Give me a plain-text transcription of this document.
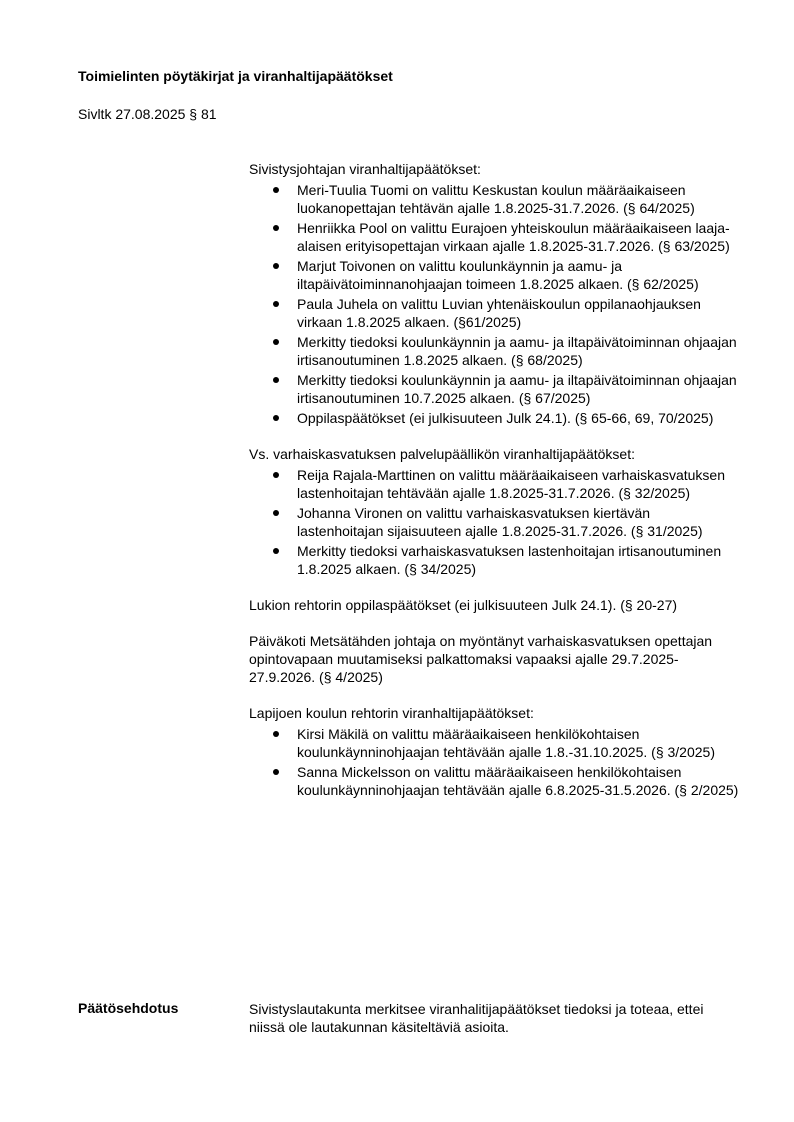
Toimielinten pöytäkirjat ja viranhaltijapäätökset
Sivltk 27.08.2025 § 81

Sivistysjohtajan viranhaltijapäätökset:

Meri-Tuulia Tuomi on valittu Keskustan koulun määräaikaiseen luokanopettajan tehtävän ajalle 1.8.2025-31.7.2026. (§ 64/2025)
Henriikka Pool on valittu Eurajoen yhteiskoulun määräaikaiseen laaja-alaisen erityisopettajan virkaan ajalle 1.8.2025-31.7.2026. (§ 63/2025)
Marjut Toivonen on valittu koulunkäynnin ja aamu- ja iltapäivätoiminnanohjaajan toimeen 1.8.2025 alkaen. (§ 62/2025)
Paula Juhela on valittu Luvian yhtenäiskoulun oppilanaohjauksen virkaan 1.8.2025 alkaen. (§61/2025)
Merkitty tiedoksi koulunkäynnin ja aamu- ja iltapäivätoiminnan ohjaajan irtisanoutuminen 1.8.2025 alkaen. (§ 68/2025)
Merkitty tiedoksi koulunkäynnin ja aamu- ja iltapäivätoiminnan ohjaajan irtisanoutuminen 10.7.2025 alkaen. (§ 67/2025)
Oppilaspäätökset (ei julkisuuteen Julk 24.1). (§ 65-66, 69, 70/2025)

Vs. varhaiskasvatuksen palvelupäällikön viranhaltijapäätökset:

Reija Rajala-Marttinen on valittu määräaikaiseen varhaiskasvatuksen lastenhoitajan tehtävään ajalle 1.8.2025-31.7.2026. (§ 32/2025)
Johanna Vironen on valittu varhaiskasvatuksen kiertävän lastenhoitajan sijaisuuteen ajalle 1.8.2025-31.7.2026. (§ 31/2025)
Merkitty tiedoksi varhaiskasvatuksen lastenhoitajan irtisanoutuminen 1.8.2025 alkaen. (§ 34/2025)

Lukion rehtorin oppilaspäätökset (ei julkisuuteen Julk 24.1). (§ 20-27)

Päiväkoti Metsätähden johtaja on myöntänyt varhaiskasvatuksen opettajan opintovapaan muutamiseksi palkattomaksi vapaaksi ajalle 29.7.2025-27.9.2026. (§ 4/2025)

Lapijoen koulun rehtorin viranhaltijapäätökset:

Kirsi Mäkilä on valittu määräaikaiseen henkilökohtaisen koulunkäynninohjaajan tehtävään ajalle 1.8.-31.10.2025. (§ 3/2025)
Sanna Mickelsson on valittu määräaikaiseen henkilökohtaisen koulunkäynninohjaajan tehtävään ajalle 6.8.2025-31.5.2026. (§ 2/2025)
Päätösehdotus	Sivistyslautakunta merkitsee viranhalitijapäätökset tiedoksi ja toteaa, ettei niissä ole lautakunnan käsiteltäviä asioita.
